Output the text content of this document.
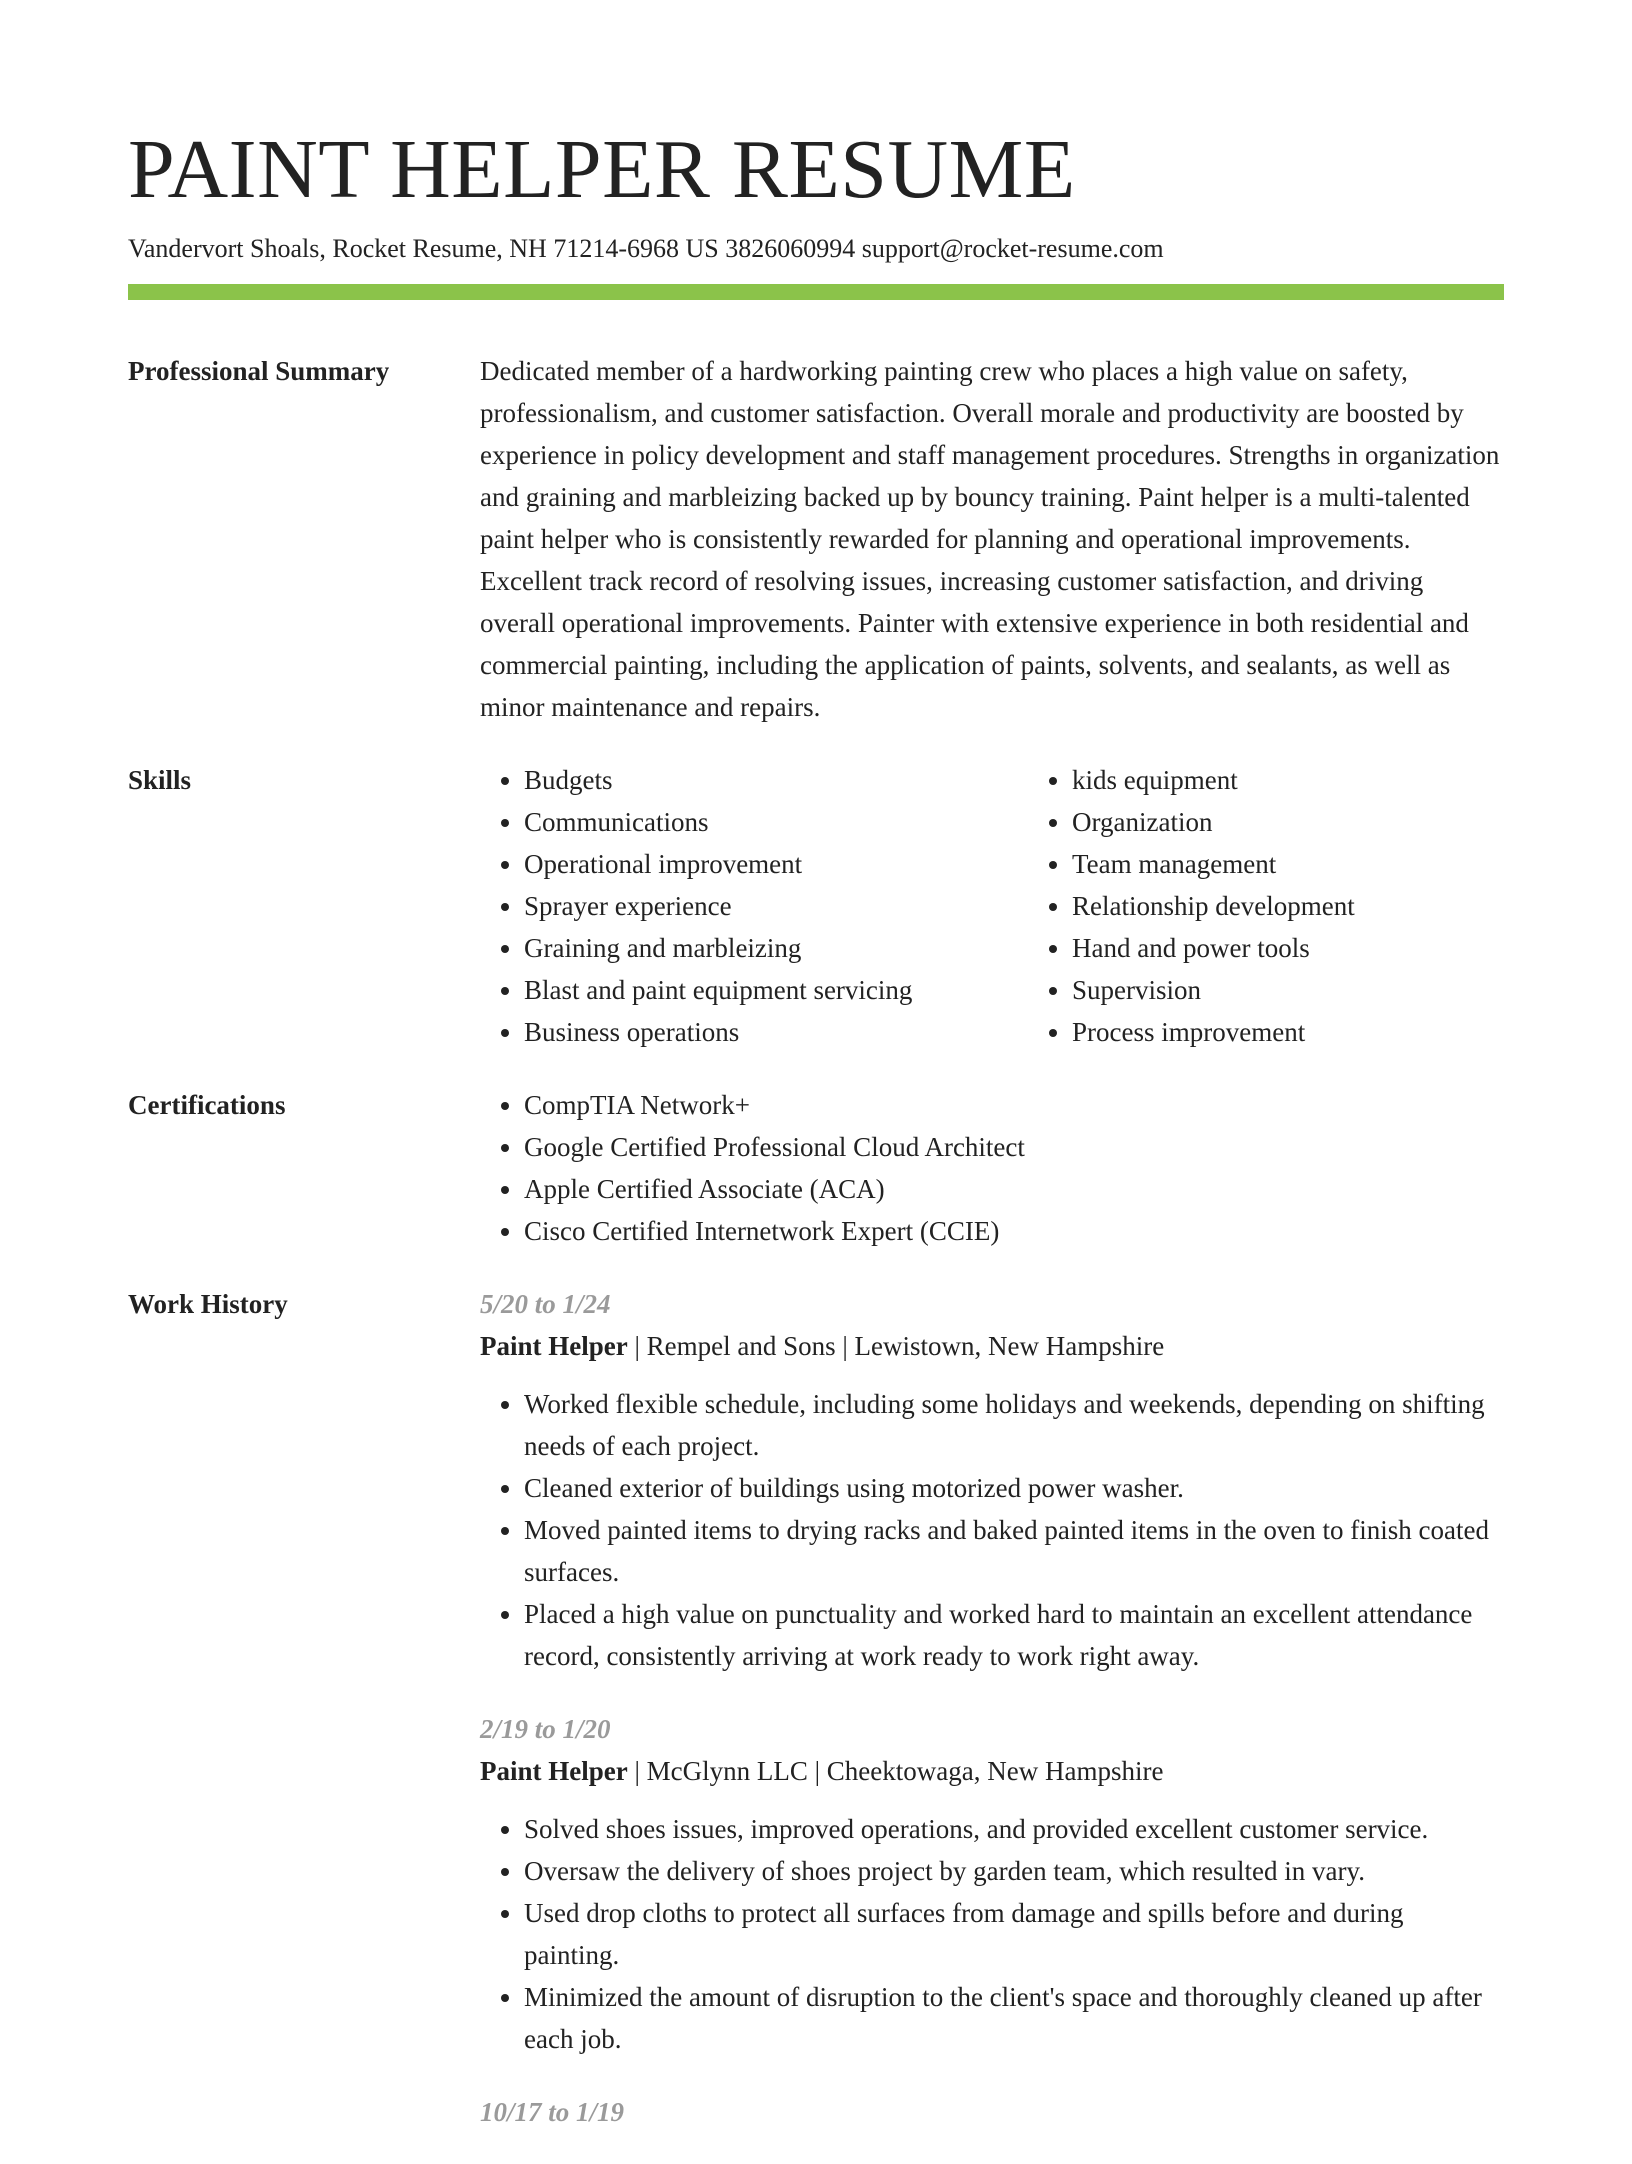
PAINT HELPER RESUME
Vandervort Shoals, Rocket Resume, NH 71214-6968 US 3826060994 support@rocket-resume.com
Professional Summary	Dedicated member of a hardworking painting crew who places a high value on safety, professionalism, and customer satisfaction. Overall morale and productivity are boosted by experience in policy development and staff management procedures. Strengths in organization and graining and marbleizing backed up by bouncy training. Paint helper is a multi-talented paint helper who is consistently rewarded for planning and operational improvements. Excellent track record of resolving issues, increasing customer satisfaction, and driving overall operational improvements. Painter with extensive experience in both residential and commercial painting, including the application of paints, solvents, and sealants, as well as minor maintenance and repairs.

Skills	• Budgets
• Communications
• Operational improvement
• Sprayer experience
• Graining and marbleizing
• Blast and paint equipment servicing
• Business operations
• kids equipment
• Organization
• Team management
• Relationship development
• Hand and power tools
• Supervision
• Process improvement
Certifications	• CompTIA Network+
• Google Certified Professional Cloud Architect
• Apple Certified Associate (ACA)
• Cisco Certified Internetwork Expert (CCIE)
Work History	5/20 to 1/24
Paint Helper | Rempel and Sons | Lewistown, New Hampshire
• Worked flexible schedule, including some holidays and weekends, depending on shifting needs of each project.
• Cleaned exterior of buildings using motorized power washer.
• Moved painted items to drying racks and baked painted items in the oven to finish coated surfaces.
• Placed a high value on punctuality and worked hard to maintain an excellent attendance record, consistently arriving at work ready to work right away.
2/19 to 1/20
Paint Helper | McGlynn LLC | Cheektowaga, New Hampshire
• Solved shoes issues, improved operations, and provided excellent customer service.
• Oversaw the delivery of shoes project by garden team, which resulted in vary.
• Used drop cloths to protect all surfaces from damage and spills before and during painting.
• Minimized the amount of disruption to the client's space and thoroughly cleaned up after each job.
10/17 to 1/19
